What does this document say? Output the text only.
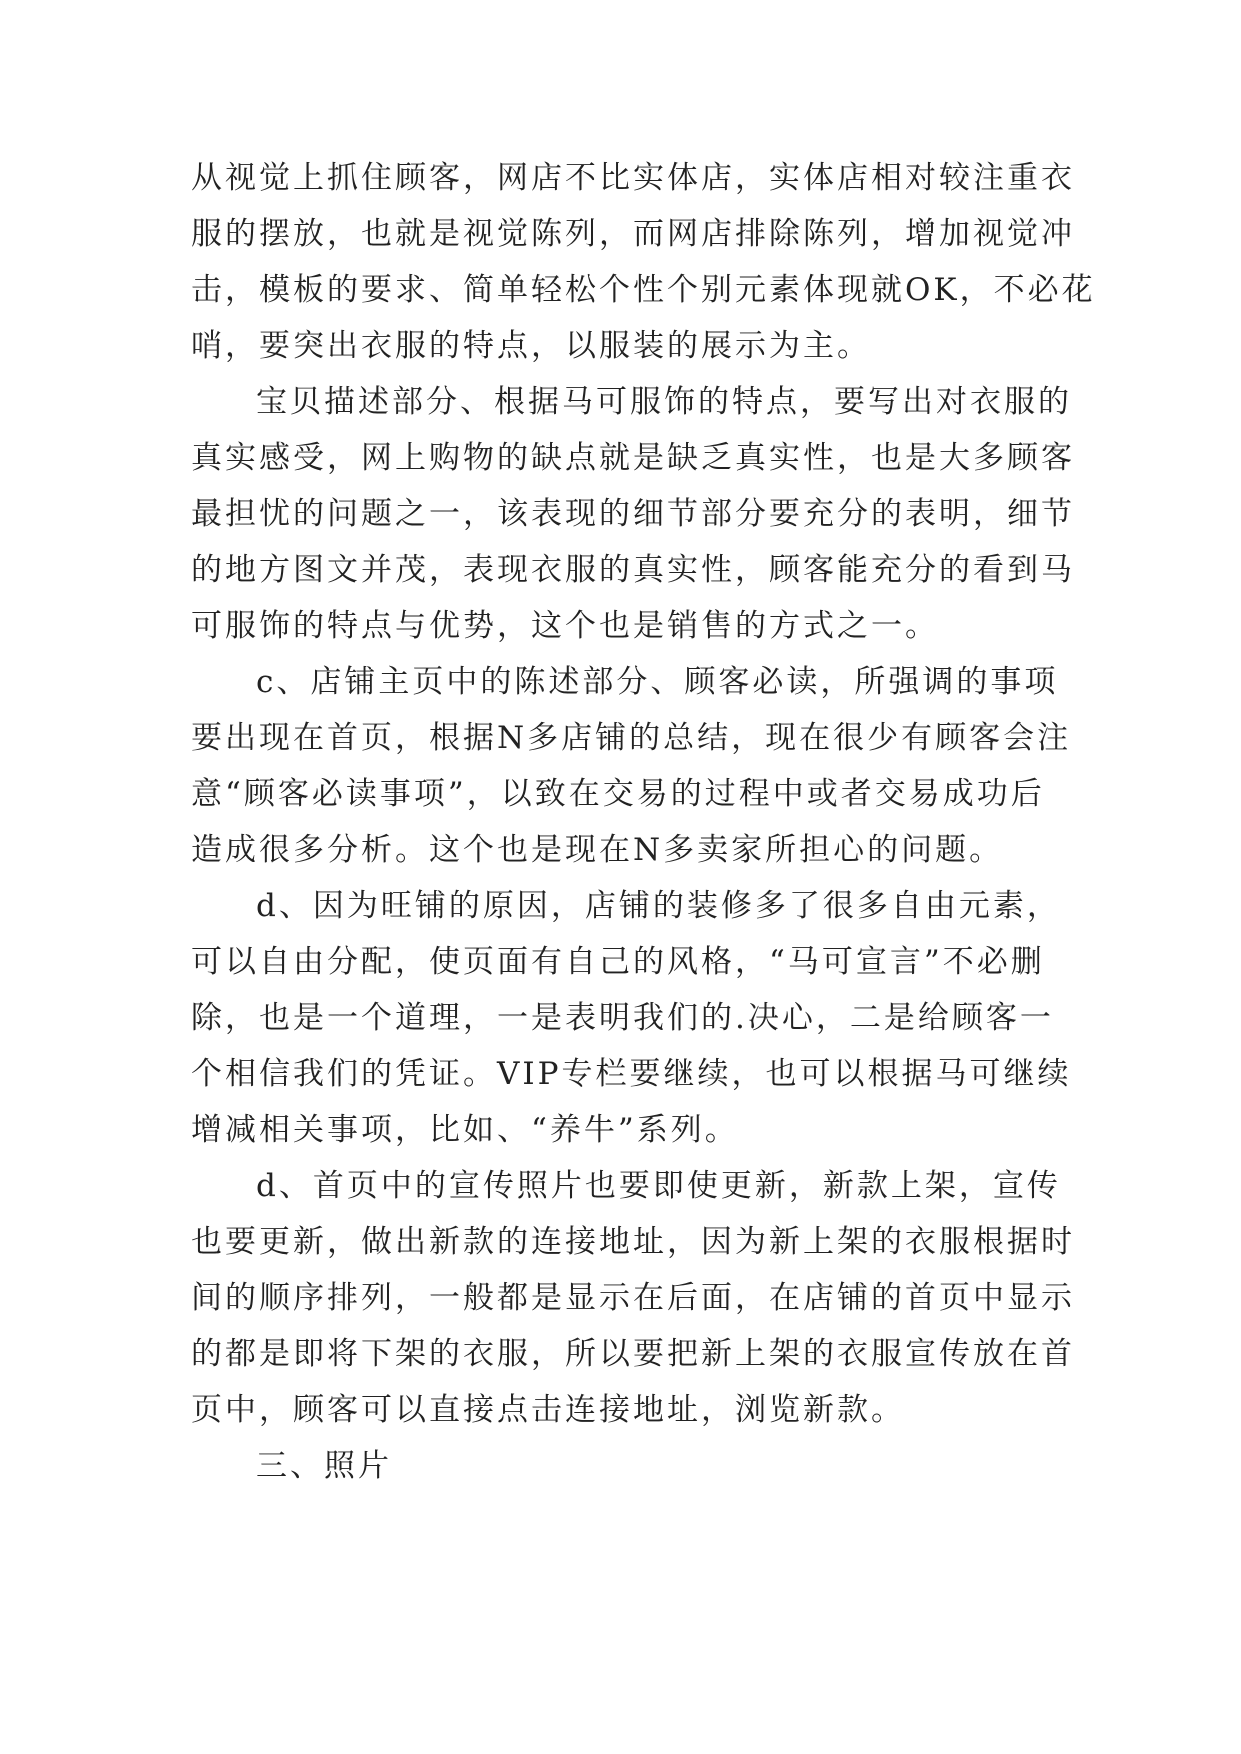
从视觉上抓住顾客，网店不比实体店，实体店相对较注重衣
服的摆放，也就是视觉陈列，而网店排除陈列，增加视觉冲
击，模板的要求、简单轻松个性个别元素体现就OK，不必花
哨，要突出衣服的特点，以服装的展示为主。
宝贝描述部分、根据马可服饰的特点，要写出对衣服的
真实感受，网上购物的缺点就是缺乏真实性，也是大多顾客
最担忧的问题之一，该表现的细节部分要充分的表明，细节
的地方图文并茂，表现衣服的真实性，顾客能充分的看到马
可服饰的特点与优势，这个也是销售的方式之一。
c、店铺主页中的陈述部分、顾客必读，所强调的事项
要出现在首页，根据N多店铺的总结，现在很少有顾客会注
意“顾客必读事项”，以致在交易的过程中或者交易成功后
造成很多分析。这个也是现在N多卖家所担心的问题。
d、因为旺铺的原因，店铺的装修多了很多自由元素，
可以自由分配，使页面有自己的风格，“马可宣言”不必删
除，也是一个道理，一是表明我们的.决心，二是给顾客一
个相信我们的凭证。VIP专栏要继续，也可以根据马可继续
增减相关事项，比如、“养牛”系列。
d、首页中的宣传照片也要即使更新，新款上架，宣传
也要更新，做出新款的连接地址，因为新上架的衣服根据时
间的顺序排列，一般都是显示在后面，在店铺的首页中显示
的都是即将下架的衣服，所以要把新上架的衣服宣传放在首
页中，顾客可以直接点击连接地址，浏览新款。
三、照片
